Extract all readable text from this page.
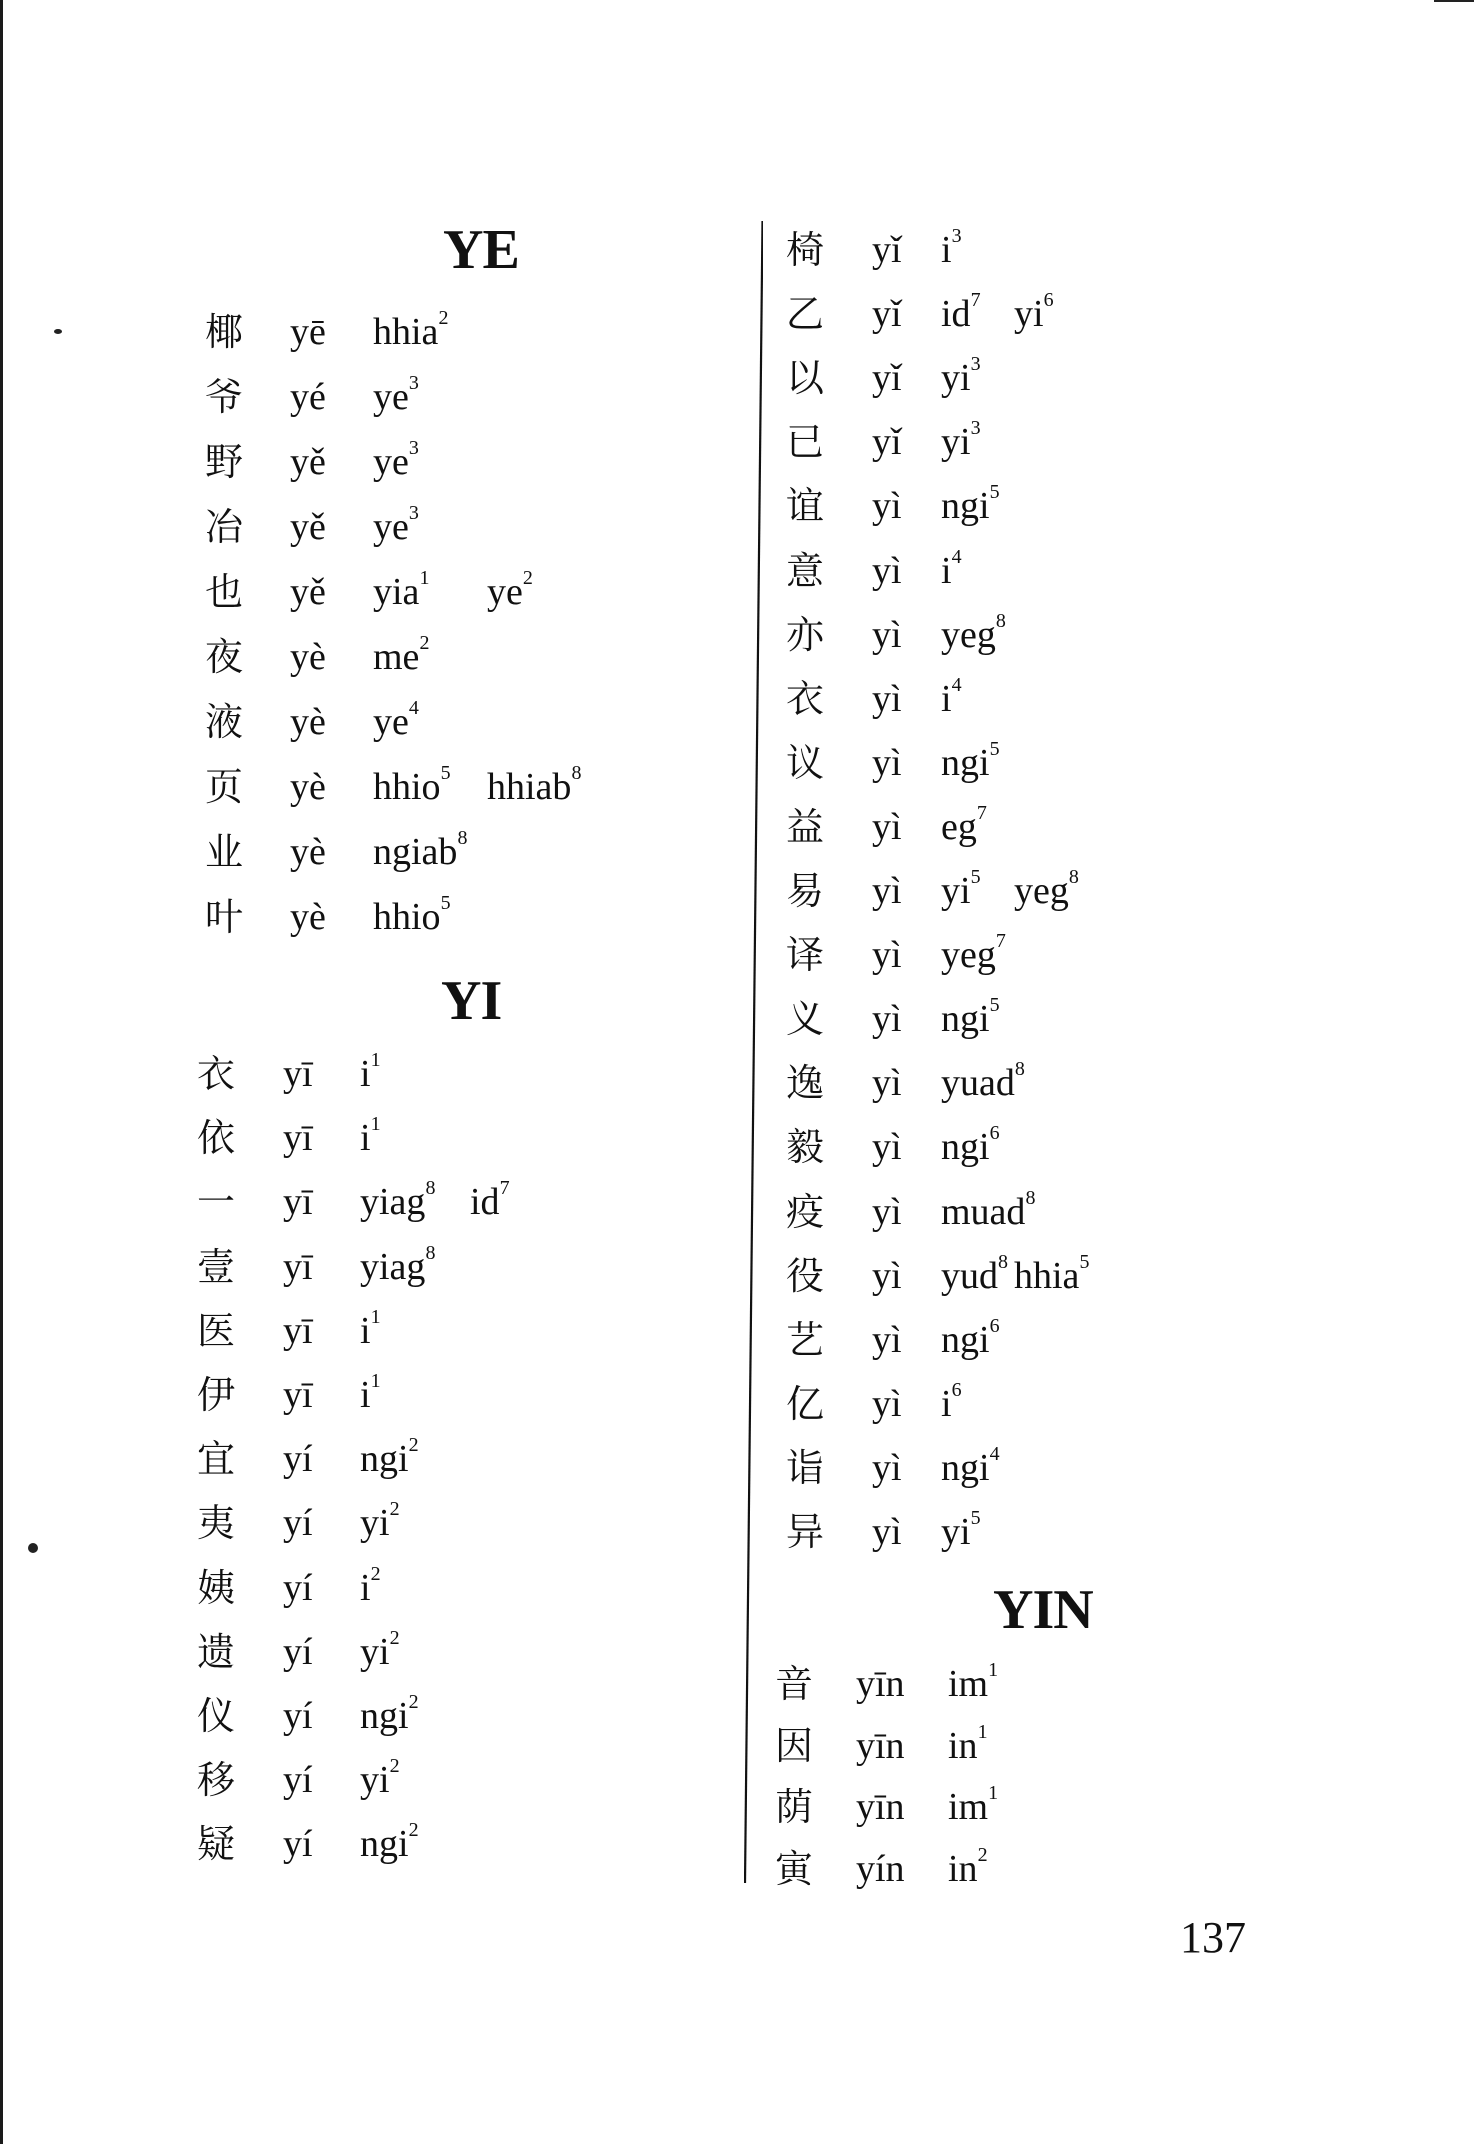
YE
YI
YIN
椰 yē hhia$^2$
爷 yé $ye^3$
野 yě $ye^3$
冶 yě $ye^3$
也 yě yia$^1$ $ye^2$
夜 yè $me^2$
液 yè $ye^4$
页 yè hhio$^5$ hhiab$^8$
业 yè ngiab$^8$
叶 yè hhio$^5$
衣 yī $i^1$
依 yī $i^1$
一 yī yiag$^8$ $id^7$
壹 yī yiag$^8$
医 yī $i^1$
伊 yī $i^1$
宜 yí ngi$^2$
夷 yí $yi^2$
姨 yí $i^2$
遗 yí $yi^2$
仪 yí ngi$^2$
移 yí $yi^2$
疑 yí ngi$^2$
椅 yǐ $i^3$
乙 yǐ $id^7$ $yi^6$
以 yǐ $yi^3$
已 yǐ $yi^3$
谊 yì ngi$^5$
意 yì $i^4$
亦 yì yeg$^8$
衣 yì $i^4$
议 yì ngi$^5$
益 yì $eg^7$
易 yì $yi^5$ yeg$^8$
译 yì yeg$^7$
义 yì ngi$^5$
逸 yì yuad$^8$
毅 yì ngi$^6$
疫 yì muad$^8$
役 yì yud$^8$ hhia$^5$
艺 yì ngi$^6$
亿 yì $i^6$
诣 yì ngi$^4$
异 yì $yi^5$
音 yīn $im^1$
因 yīn $in^1$
荫 yīn $im^1$
寅 yín $in^2$
137
